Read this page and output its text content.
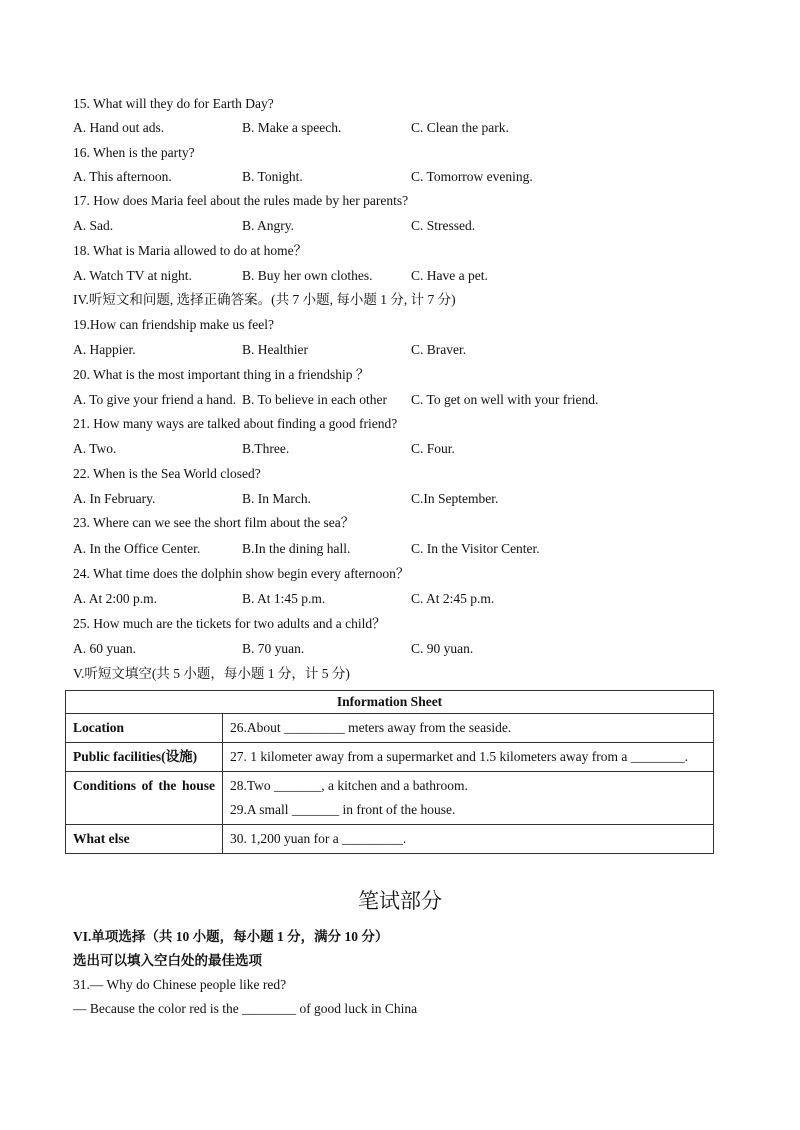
15. What will they do for Earth Day?
A. Hand out ads.	B. Make a speech.	C. Clean the park.
16. When is the party?
A. This afternoon.	B. Tonight.	C. Tomorrow evening.
17. How does Maria feel about the rules made by her parents?
A. Sad.	B. Angry.	C. Stressed.
18. What is Maria allowed to do at home？
A. Watch TV at night.	B. Buy her own clothes.	C. Have a pet.
IV.听短文和问题, 选择正确答案。(共 7 小题, 每小题 1 分, 计 7 分)
19.How can friendship make us feel?
A. Happier.	B. Healthier	C. Braver.
20. What is the most important thing in a friendship ？
A. To give your friend a hand. B. To believe in each other C. To get on well with your friend.
21. How many ways are talked about finding a good friend?
A. Two.	B.Three.	C. Four.
22. When is the Sea World closed?
A. In February.	B. In March.	C.In September.
23. Where can we see the short film about the sea？
A. In the Office Center.	B.In the dining hall.	C. In the Visitor Center.
24. What time does the dolphin show begin every afternoon？
A. At 2:00 p.m.	B. At 1:45 p.m.	C. At 2:45 p.m.
25. How much are the tickets for two adults and a child？
A. 60 yuan.	B. 70 yuan.	C. 90 yuan.
V.听短文填空(共 5 小题，每小题 1 分，计 5 分)
Information Sheet	
Location	26.About _________ meters away from the seaside.
Public facilities(设施)	27. 1 kilometer away from a supermarket and 1.5 kilometers away from a ________.
Conditions of the house	28.Two _______, a kitchen and a bathroom.
29.A small _______ in front of the house.

What else	30. 1,200 yuan for a _________.
笔试部分
VI.单项选择（共 10 小题，每小题 1 分，满分 10 分）
选出可以填入空白处的最佳选项
31.— Why do Chinese people like red?
— Because the color red is the ________ of good luck in China
